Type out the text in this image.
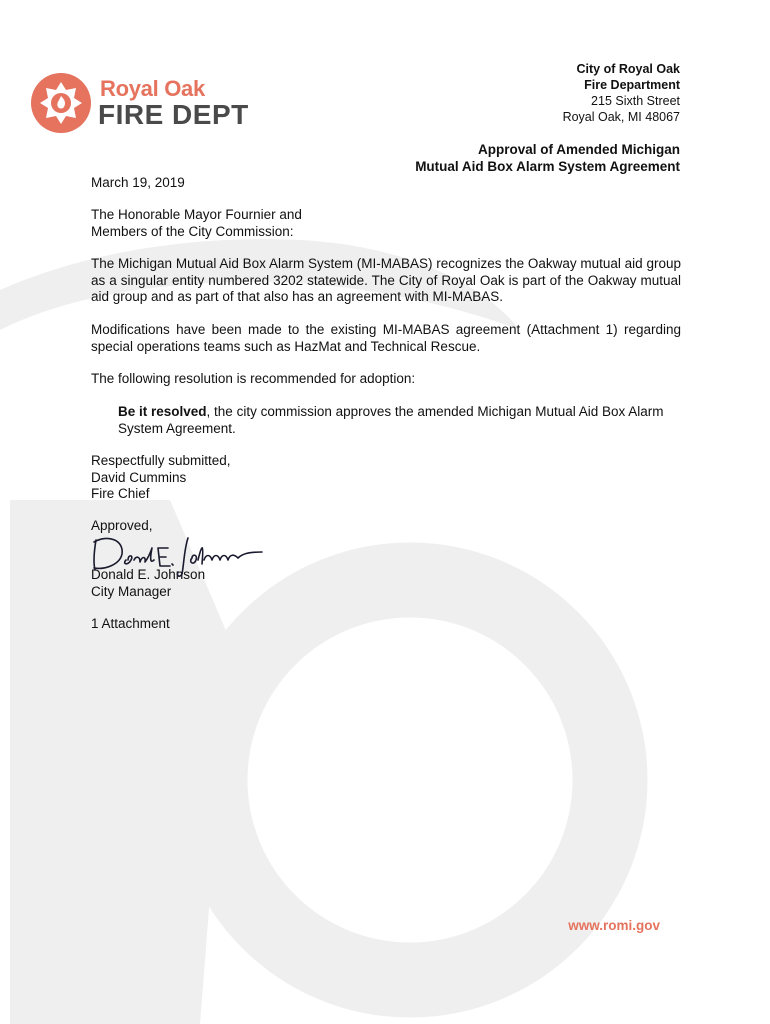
Royal Oak
FIRE DEPT
City of Royal Oak
Fire Department
215 Sixth Street
Royal Oak, MI 48067
Approval of Amended Michigan
Mutual Aid Box Alarm System Agreement
March 19, 2019
The Honorable Mayor Fournier and
Members of the City Commission:
The Michigan Mutual Aid Box Alarm System (MI-MABAS) recognizes the Oakway mutual aid group as a singular entity numbered 3202 statewide. The City of Royal Oak is part of the Oakway mutual aid group and as part of that also has an agreement with MI-MABAS.
Modifications have been made to the existing MI-MABAS agreement (Attachment 1) regarding special operations teams such as HazMat and Technical Rescue.
The following resolution is recommended for adoption:
Be it resolved, the city commission approves the amended Michigan Mutual Aid Box Alarm System Agreement.
Respectfully submitted,
David Cummins
Fire Chief
Approved,
Donald E. Johnson
City Manager
1 Attachment
www.romi.gov
